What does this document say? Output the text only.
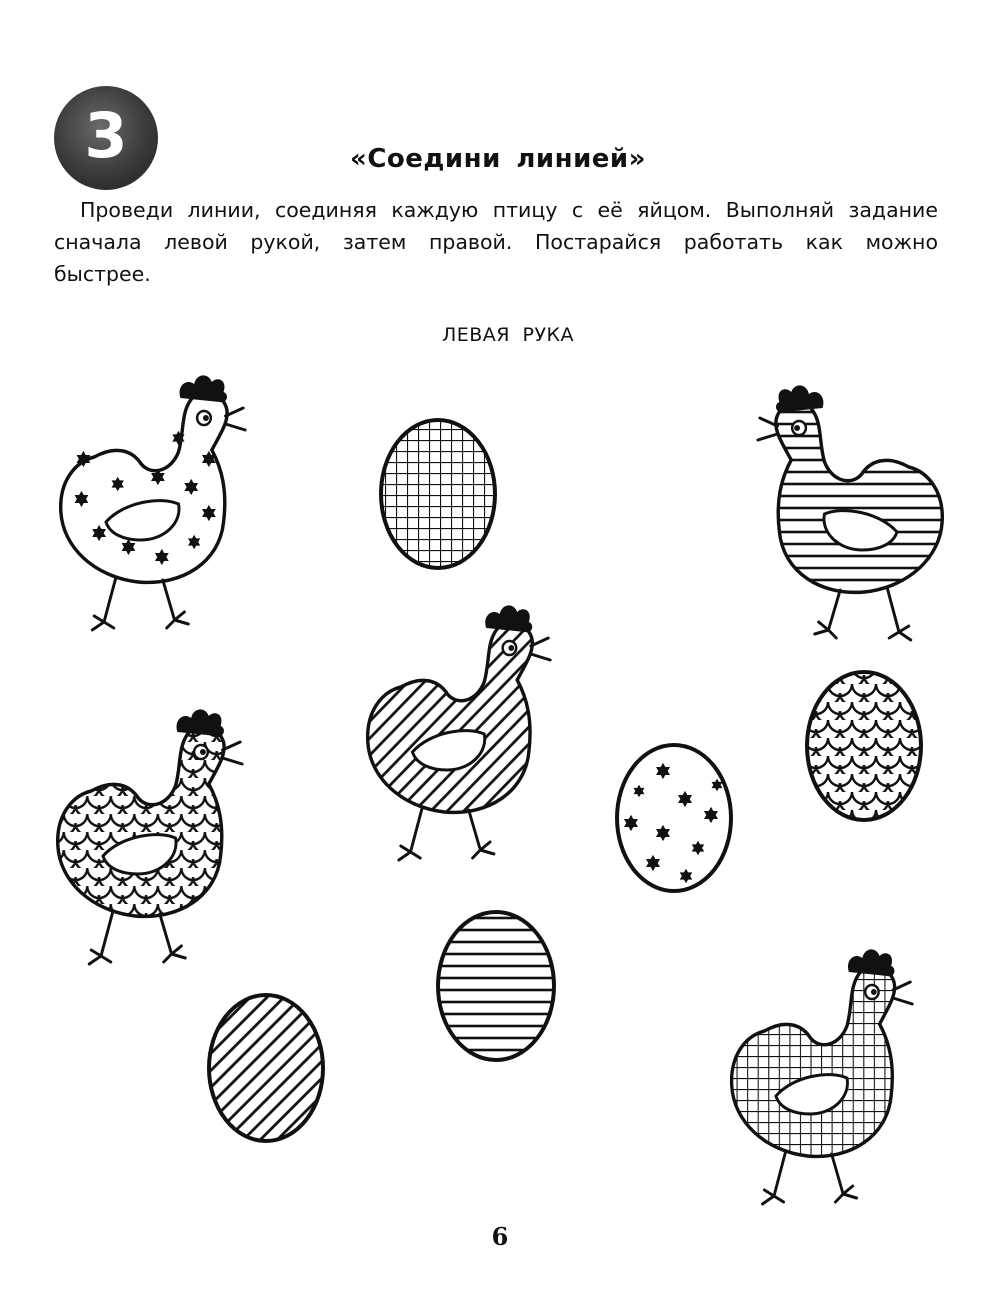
3	«Соедини линией»
Проведи линии, соединяя каждую птицу с её яйцом. Выполняй задание сначала левой рукой, затем правой. Постарайся работать как можно быстрее.
ЛЕВАЯ РУКА
6
